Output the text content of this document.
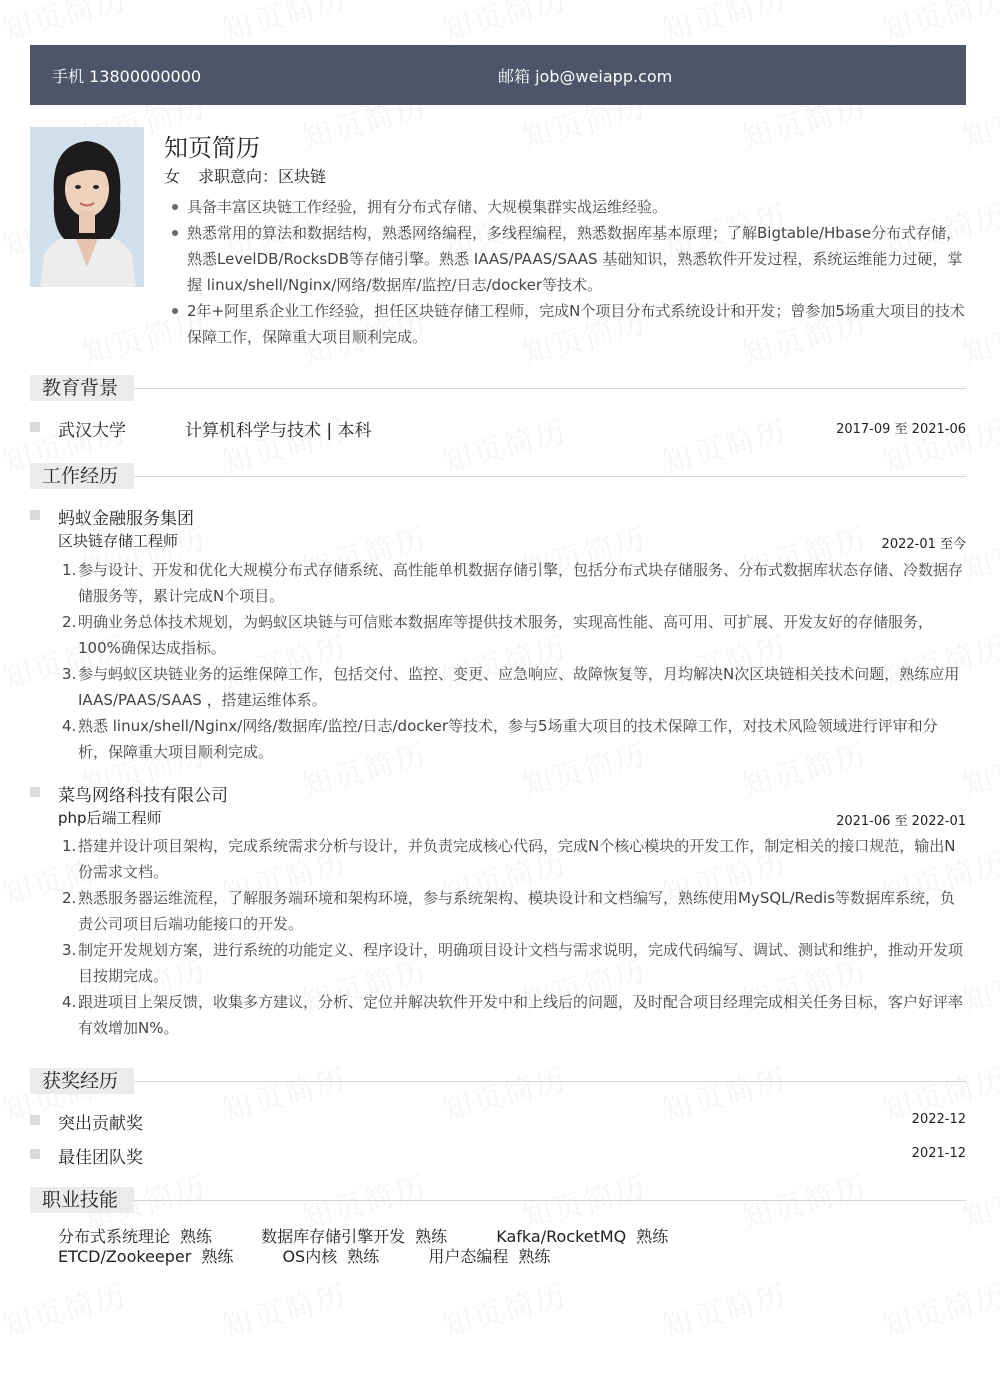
手机 13800000000	邮箱 job@weiapp.com
知页简历
女 求职意向：区块链
具备丰富区块链工作经验，拥有分布式存储、大规模集群实战运维经验。
熟悉常用的算法和数据结构，熟悉网络编程，多线程编程，熟悉数据库基本原理；了解Bigtable/Hbase分布式存储，熟悉LevelDB/RocksDB等存储引擎。熟悉 IAAS/PAAS/SAAS 基础知识，熟悉软件开发过程，系统运维能力过硬，掌握 linux/shell/Nginx/网络/数据库/监控/日志/docker等技术。
2年+阿里系企业工作经验，担任区块链存储工程师，完成N个项目分布式系统设计和开发；曾参加5场重大项目的技术保障工作，保障重大项目顺利完成。
教育背景
武汉大学	计算机科学与技术 | 本科	2017-09 至 2021-06
工作经历
蚂蚁金融服务集团
区块链存储工程师	2022-01 至今
1. 参与设计、开发和优化大规模分布式存储系统、高性能单机数据存储引擎，包括分布式块存储服务、分布式数据库状态存储、冷数据存储服务等，累计完成N个项目。
2. 明确业务总体技术规划，为蚂蚁区块链与可信账本数据库等提供技术服务，实现高性能、高可用、可扩展、开发友好的存储服务，100%确保达成指标。
3. 参与蚂蚁区块链业务的运维保障工作，包括交付、监控、变更、应急响应、故障恢复等，月均解决N次区块链相关技术问题，熟练应用 IAAS/PAAS/SAAS ，搭建运维体系。
4. 熟悉 linux/shell/Nginx/网络/数据库/监控/日志/docker等技术，参与5场重大项目的技术保障工作，对技术风险领域进行评审和分析，保障重大项目顺利完成。
菜鸟网络科技有限公司
php后端工程师	2021-06 至 2022-01
1. 搭建并设计项目架构，完成系统需求分析与设计，并负责完成核心代码，完成N个核心模块的开发工作，制定相关的接口规范，输出N份需求文档。
2. 熟悉服务器运维流程，了解服务端环境和架构环境，参与系统架构、模块设计和文档编写，熟练使用MySQL/Redis等数据库系统，负责公司项目后端功能接口的开发。
3. 制定开发规划方案，进行系统的功能定义、程序设计，明确项目设计文档与需求说明，完成代码编写、调试、测试和维护，推动开发项目按期完成。
4. 跟进项目上架反馈，收集多方建议，分析、定位并解决软件开发中和上线后的问题，及时配合项目经理完成相关任务目标，客户好评率有效增加N%。
获奖经历
突出贡献奖	2022-12
最佳团队奖	2021-12
职业技能
分布式系统理论 熟练	数据库存储引擎开发 熟练	Kafka/RocketMQ 熟练
ETCD/Zookeeper 熟练	OS内核 熟练	用户态编程 熟练
